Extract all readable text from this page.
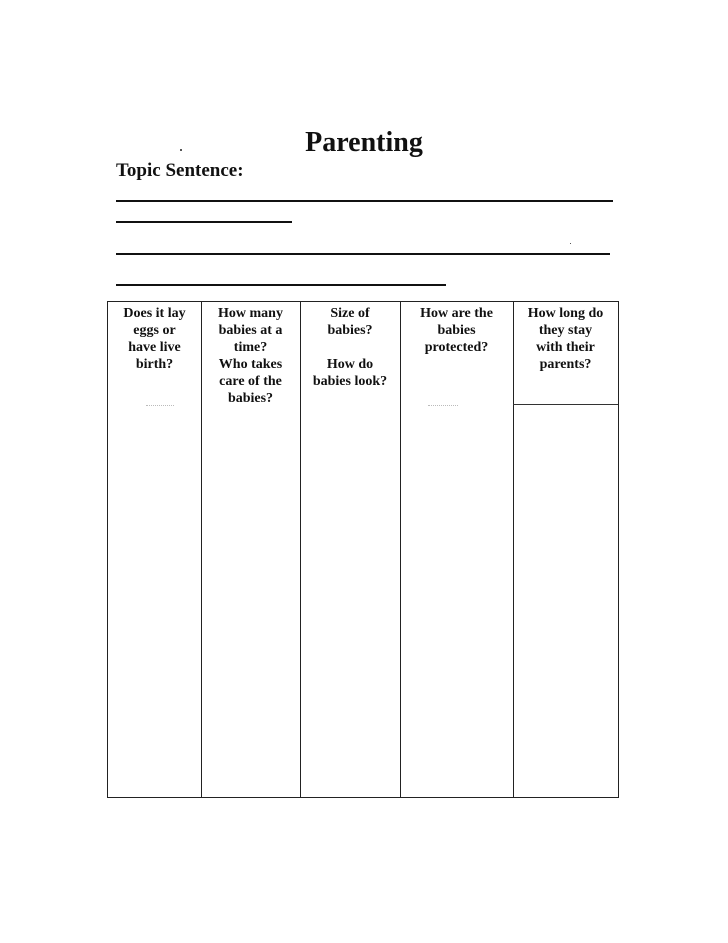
Parenting
Topic Sentence:
Does it lay
eggs or
have live
birth?
How many
babies at a
time?
Who takes
care of the
babies?
Size of
babies?
How do
babies look?
How are the
babies
protected?
How long do
they stay
with their
parents?
